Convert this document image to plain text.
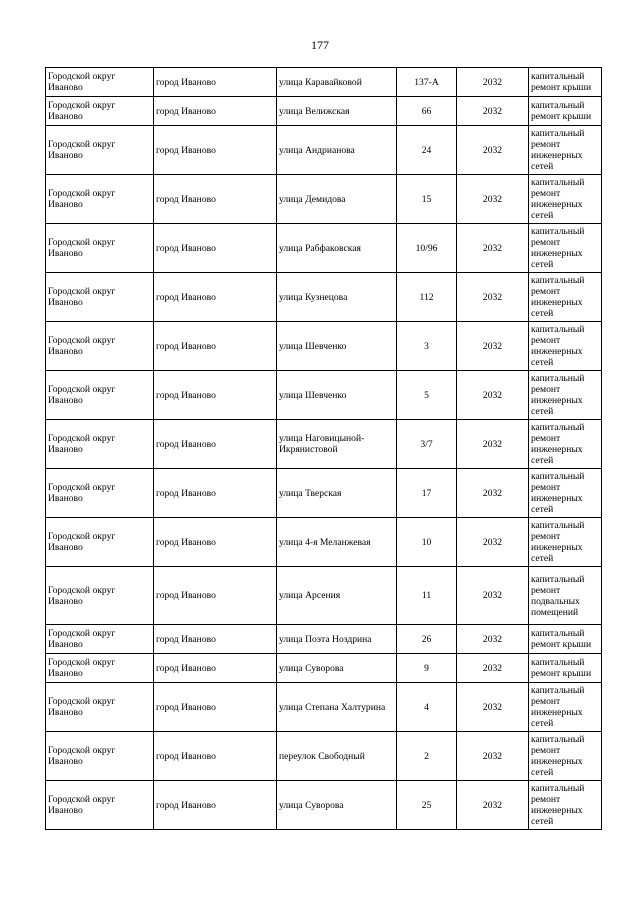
177
Городской округ Иваново	город Иваново	улица Каравайковой	137-А	2032	капитальный ремонт крыши
Городской округ Иваново	город Иваново	улица Велижская	66	2032	капитальный ремонт крыши
Городской округ Иваново	город Иваново	улица Андрианова	24	2032	капитальный ремонт инженерных сетей
Городской округ Иваново	город Иваново	улица Демидова	15	2032	капитальный ремонт инженерных сетей
Городской округ Иваново	город Иваново	улица Рабфаковская	10/96	2032	капитальный ремонт инженерных сетей
Городской округ Иваново	город Иваново	улица Кузнецова	112	2032	капитальный ремонт инженерных сетей
Городской округ Иваново	город Иваново	улица Шевченко	3	2032	капитальный ремонт инженерных сетей
Городской округ Иваново	город Иваново	улица Шевченко	5	2032	капитальный ремонт инженерных сетей
Городской округ Иваново	город Иваново	улица Наговицыной-Икрянистовой	3/7	2032	капитальный ремонт инженерных сетей
Городской округ Иваново	город Иваново	улица Тверская	17	2032	капитальный ремонт инженерных сетей
Городской округ Иваново	город Иваново	улица 4-я Меланжевая	10	2032	капитальный ремонт инженерных сетей
Городской округ Иваново	город Иваново	улица Арсения	11	2032	капитальный ремонт подвальных помещений
Городской округ Иваново	город Иваново	улица Поэта Ноздрина	26	2032	капитальный ремонт крыши
Городской округ Иваново	город Иваново	улица Суворова	9	2032	капитальный ремонт крыши
Городской округ Иваново	город Иваново	улица Степана Халтурина	4	2032	капитальный ремонт инженерных сетей
Городской округ Иваново	город Иваново	переулок Свободный	2	2032	капитальный ремонт инженерных сетей
Городской округ Иваново	город Иваново	улица Суворова	25	2032	капитальный ремонт инженерных сетей
